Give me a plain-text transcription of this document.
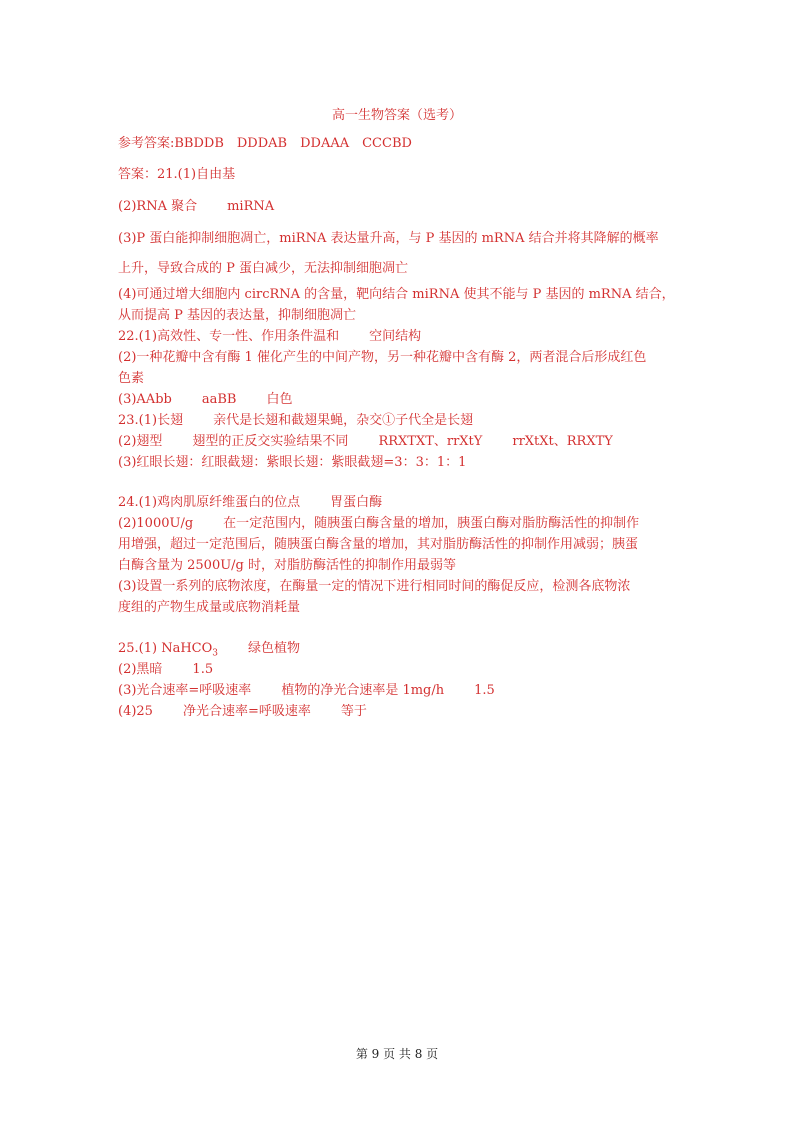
高一生物答案（选考）
参考答案:BBDDB　DDDAB　DDAAA　CCCBD
答案：21.(1)自由基
(2)RNA 聚合 miRNA
(3)P 蛋白能抑制细胞凋亡，miRNA 表达量升高，与 P 基因的 mRNA 结合并将其降解的概率
上升，导致合成的 P 蛋白减少，无法抑制细胞凋亡
(4)可通过增大细胞内 circRNA 的含量，靶向结合 miRNA 使其不能与 P 基因的 mRNA 结合，
从而提高 P 基因的表达量，抑制细胞凋亡
22.(1)高效性、专一性、作用条件温和 空间结构
(2)一种花瓣中含有酶 1 催化产生的中间产物，另一种花瓣中含有酶 2，两者混合后形成红色
色素
(3)AAbb aaBB 白色
23.(1)长翅 亲代是长翅和截翅果蝇，杂交①子代全是长翅
(2)翅型 翅型的正反交实验结果不同 RRXTXT、rrXtY rrXtXt、RRXTY
(3)红眼长翅：红眼截翅：紫眼长翅：紫眼截翅=3：3：1：1
24.(1)鸡肉肌原纤维蛋白的位点 胃蛋白酶
(2)1000U/g 在一定范围内，随胰蛋白酶含量的增加，胰蛋白酶对脂肪酶活性的抑制作
用增强，超过一定范围后，随胰蛋白酶含量的增加，其对脂肪酶活性的抑制作用减弱；胰蛋
白酶含量为 2500U/g 时，对脂肪酶活性的抑制作用最弱等
(3)设置一系列的底物浓度，在酶量一定的情况下进行相同时间的酶促反应，检测各底物浓
度组的产物生成量或底物消耗量
25.(1) NaHCO$_3$ 绿色植物
(2)黑暗 1.5
(3)光合速率=呼吸速率 植物的净光合速率是 1mg/h 1.5
(4)25 净光合速率=呼吸速率 等于
第 9 页 共 8 页
